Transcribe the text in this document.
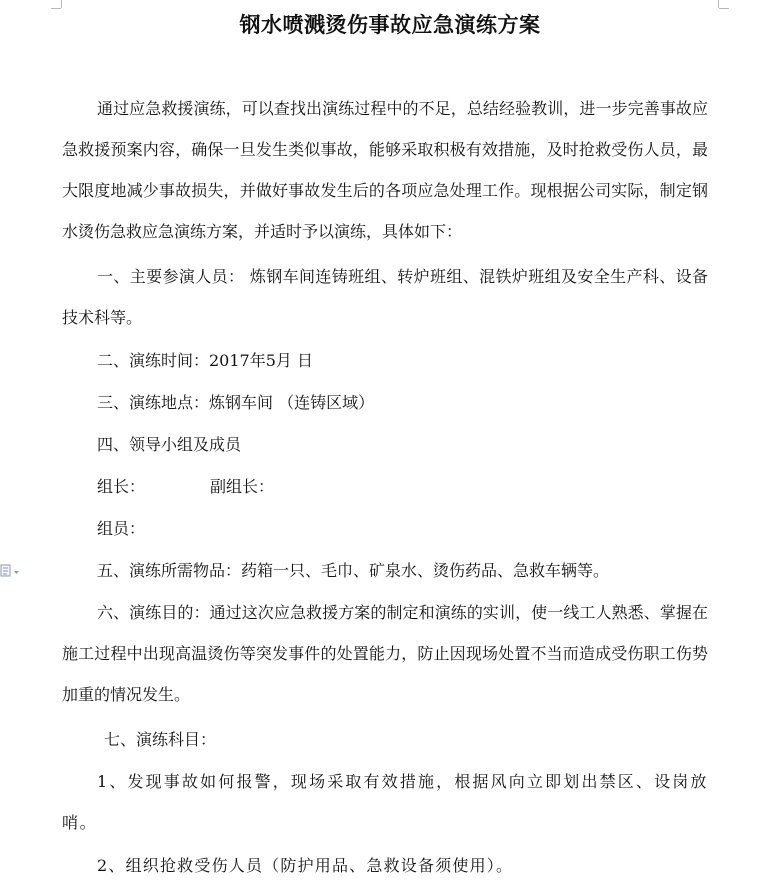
钢水喷溅烫伤事故应急演练方案

通过应急救援演练，可以查找出演练过程中的不足，总结经验教训，进一步完善事故应急救援预案内容，确保一旦发生类似事故，能够采取积极有效措施，及时抢救受伤人员，最大限度地减少事故损失，并做好事故发生后的各项应急处理工作。现根据公司实际，制定钢水烫伤急救应急演练方案，并适时予以演练，具体如下：

一、主要参演人员： 炼钢车间连铸班组、转炉班组、混铁炉班组及安全生产科、设备技术科等。

二、演练时间：2017年5月 日

三、演练地点：炼钢车间 （连铸区域）

四、领导小组及成员

组长：	副组长：

组员：

五、演练所需物品：药箱一只、毛巾、矿泉水、烫伤药品、急救车辆等。

六、演练目的：通过这次应急救援方案的制定和演练的实训，使一线工人熟悉、掌握在施工过程中出现高温烫伤等突发事件的处置能力，防止因现场处置不当而造成受伤职工伤势加重的情况发生。

七、演练科目：

1、发现事故如何报警，现场采取有效措施，根据风向立即划出禁区、设岗放哨。

2、组织抢救受伤人员（防护用品、急救设备须使用）。
